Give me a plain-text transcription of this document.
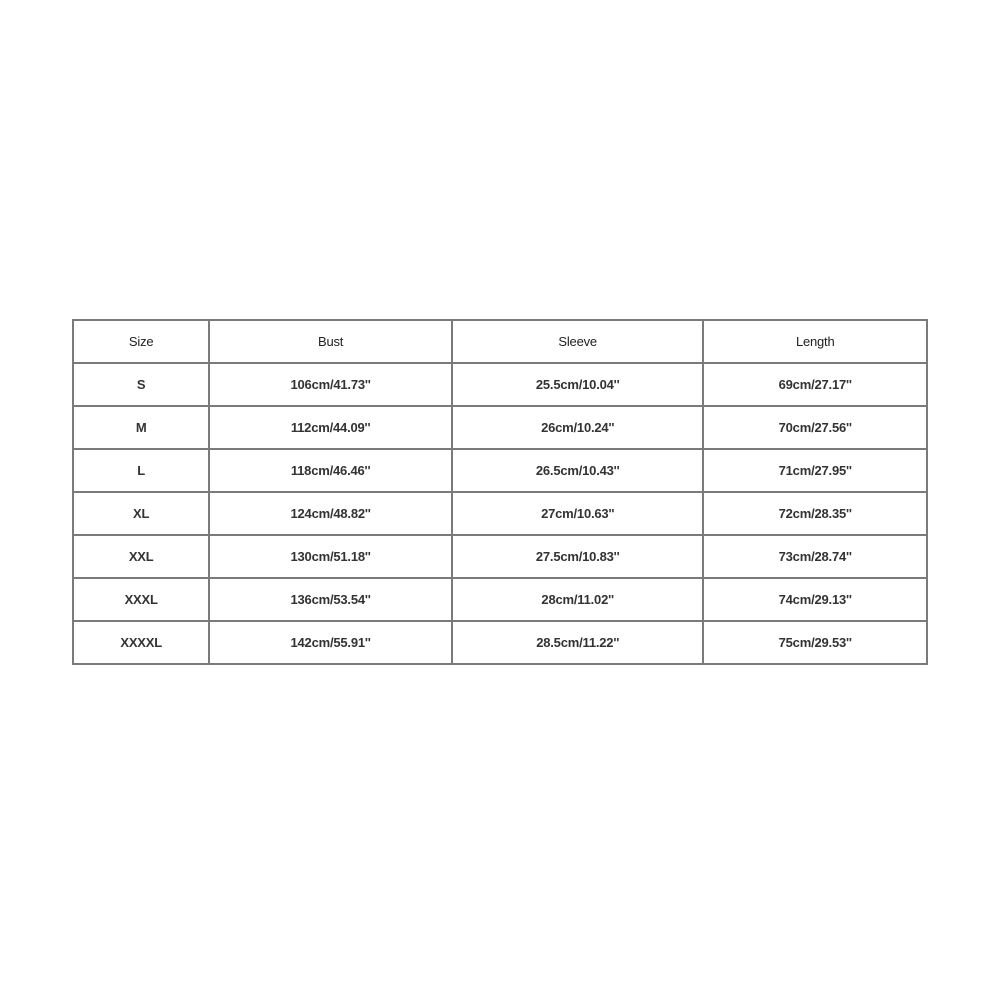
Size	Bust	Sleeve	Length
S	106cm/41.73''	25.5cm/10.04''	69cm/27.17''
M	112cm/44.09''	26cm/10.24''	70cm/27.56''
L	118cm/46.46''	26.5cm/10.43''	71cm/27.95''
XL	124cm/48.82''	27cm/10.63''	72cm/28.35''
XXL	130cm/51.18''	27.5cm/10.83''	73cm/28.74''
XXXL	136cm/53.54''	28cm/11.02''	74cm/29.13''
XXXXL	142cm/55.91''	28.5cm/11.22''	75cm/29.53''
